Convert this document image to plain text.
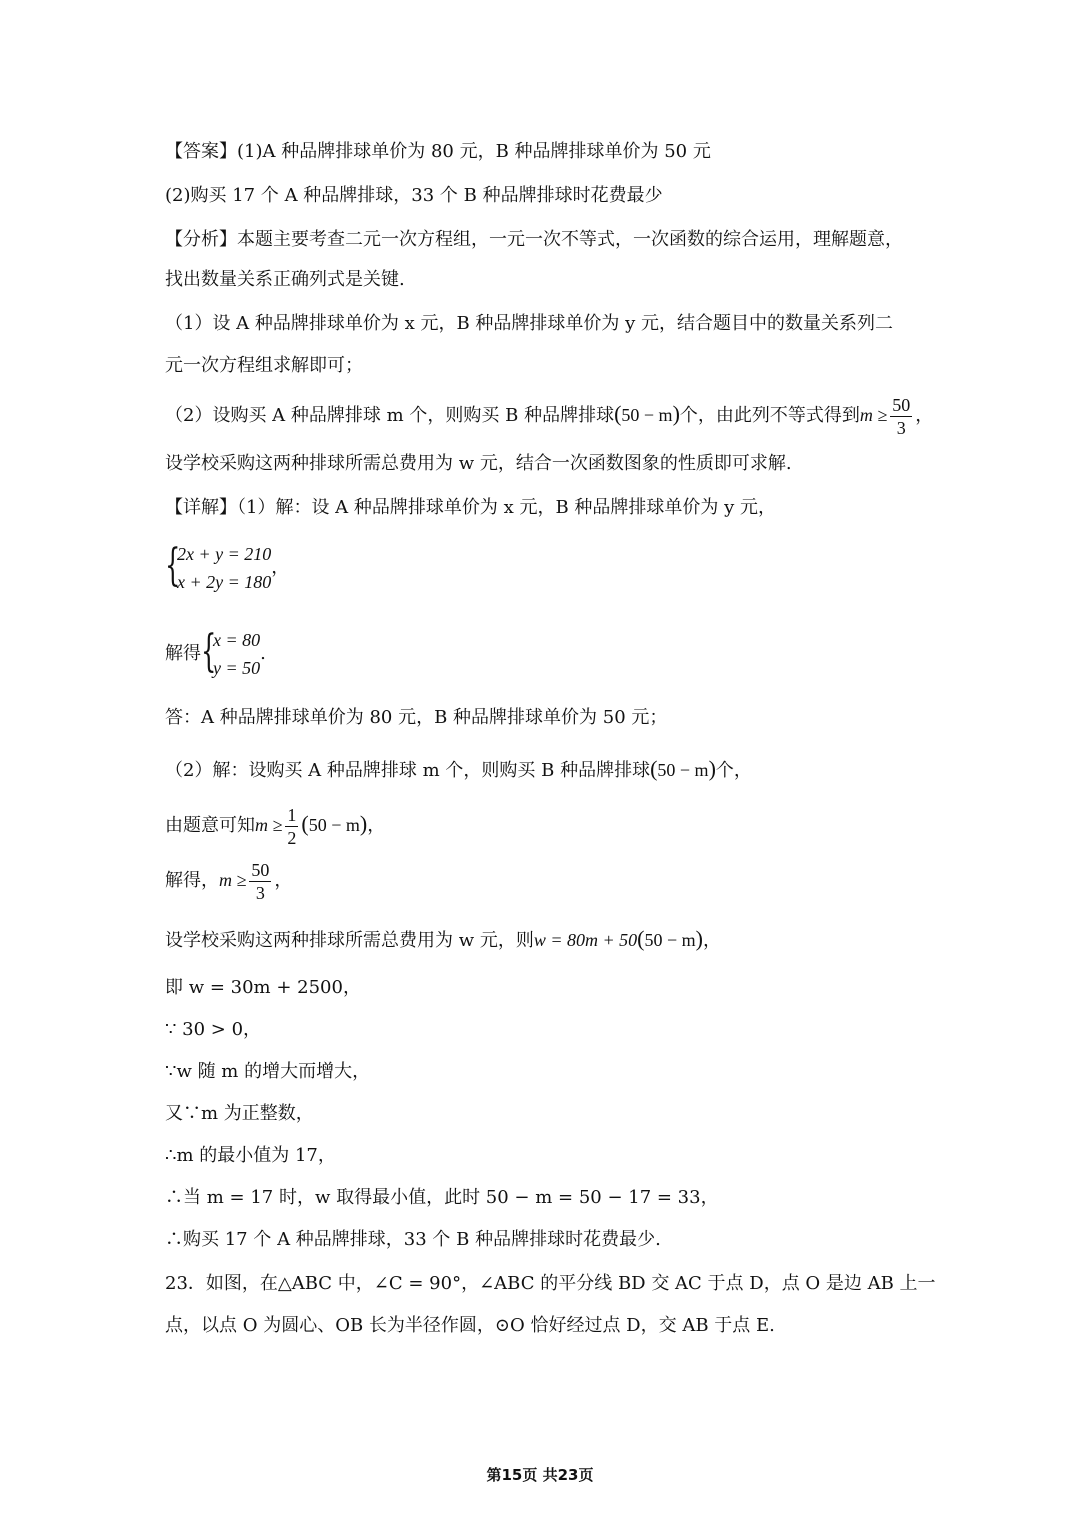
【答案】(1)A 种品牌排球单价为 80 元，B 种品牌排球单价为 50 元
(2)购买 17 个 A 种品牌排球，33 个 B 种品牌排球时花费最少
【分析】本题主要考查二元一次方程组，一元一次不等式，一次函数的综合运用，理解题意，
找出数量关系正确列式是关键.
（1）设 A 种品牌排球单价为 x 元，B 种品牌排球单价为 y 元，结合题目中的数量关系列二
元一次方程组求解即可；
（2）设购买 A 种品牌排球 m 个，则购买 B 种品牌排球(50 − m)个，由此列不等式得到$m \ge \frac{50}{3}$ ，
设学校采购这两种排球所需总费用为 w 元，结合一次函数图象的性质即可求解.
【详解】（1）解：设 A 种品牌排球单价为 x 元，B 种品牌排球单价为 y 元，
{
2x + y = 210
x + 2y = 180
，
解得 {
x = 80
y = 50
.
答：A 种品牌排球单价为 80 元，B 种品牌排球单价为 50 元；
（2）解：设购买 A 种品牌排球 m 个，则购买 B 种品牌排球(50 − m)个，
由题意可知$m \ge \frac{1}{2} (50 - m)$，
解得，$m \ge \frac{50}{3}$ ，
设学校采购这两种排球所需总费用为 w 元，则w = 80m + 50(50 − m)，
即 w = 30m + 2500，
∵ 30 > 0，
∵w 随 m 的增大而增大，
又∵m 为正整数，
∴m 的最小值为 17，
∴当 m = 17 时，w 取得最小值，此时 50 − m = 50 − 17 = 33，
∴购买 17 个 A 种品牌排球，33 个 B 种品牌排球时花费最少.
23．如图，在△ABC 中，∠C = 90°，∠ABC 的平分线 BD 交 AC 于点 D，点 O 是边 AB 上一
点，以点 O 为圆心、OB 长为半径作圆，⊙O 恰好经过点 D，交 AB 于点 E.
第15页 共23页
